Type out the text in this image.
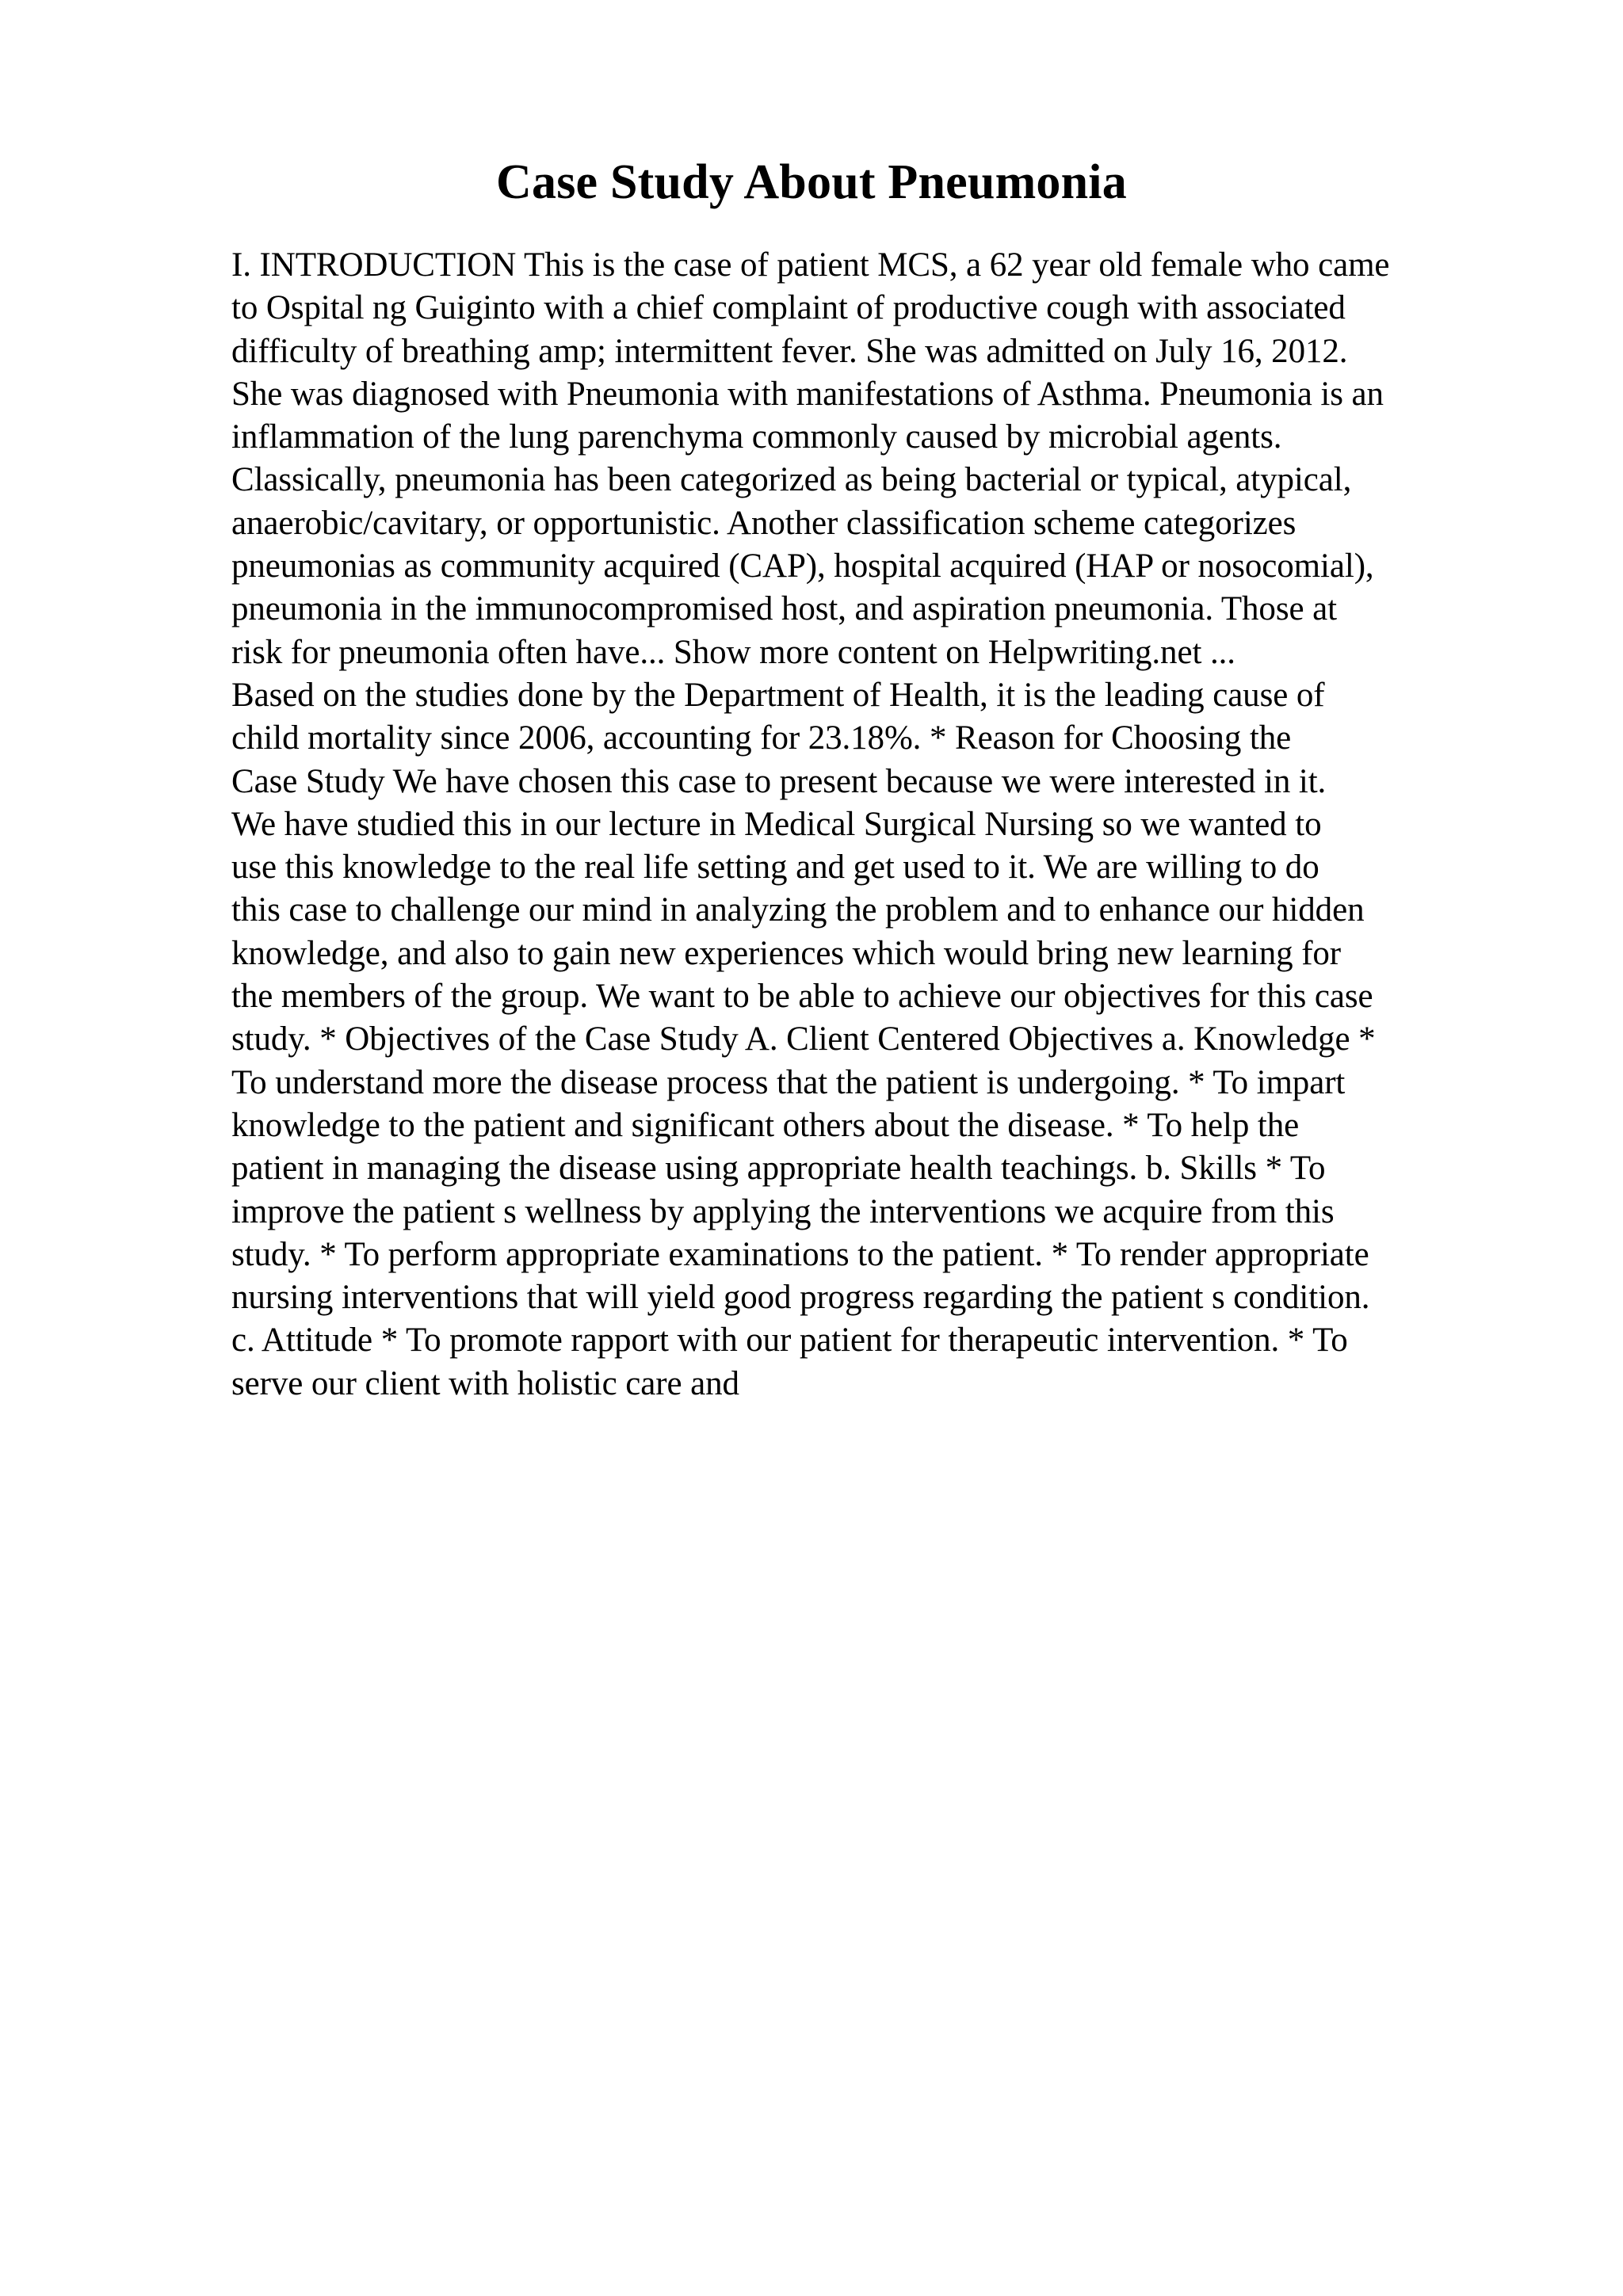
Case Study About Pneumonia
I. INTRODUCTION This is the case of patient MCS, a 62 year old female who came
to Ospital ng Guiginto with a chief complaint of productive cough with associated
difficulty of breathing amp; intermittent fever. She was admitted on July 16, 2012.
She was diagnosed with Pneumonia with manifestations of Asthma. Pneumonia is an
inflammation of the lung parenchyma commonly caused by microbial agents.
Classically, pneumonia has been categorized as being bacterial or typical, atypical,
anaerobic/cavitary, or opportunistic. Another classification scheme categorizes
pneumonias as community acquired (CAP), hospital acquired (HAP or nosocomial),
pneumonia in the immunocompromised host, and aspiration pneumonia. Those at
risk for pneumonia often have... Show more content on Helpwriting.net ...
Based on the studies done by the Department of Health, it is the leading cause of
child mortality since 2006, accounting for 23.18%. * Reason for Choosing the
Case Study We have chosen this case to present because we were interested in it.
We have studied this in our lecture in Medical Surgical Nursing so we wanted to
use this knowledge to the real life setting and get used to it. We are willing to do
this case to challenge our mind in analyzing the problem and to enhance our hidden
knowledge, and also to gain new experiences which would bring new learning for
the members of the group. We want to be able to achieve our objectives for this case
study. * Objectives of the Case Study A. Client Centered Objectives a. Knowledge *
To understand more the disease process that the patient is undergoing. * To impart
knowledge to the patient and significant others about the disease. * To help the
patient in managing the disease using appropriate health teachings. b. Skills * To
improve the patient s wellness by applying the interventions we acquire from this
study. * To perform appropriate examinations to the patient. * To render appropriate
nursing interventions that will yield good progress regarding the patient s condition.
c. Attitude * To promote rapport with our patient for therapeutic intervention. * To
serve our client with holistic care and
